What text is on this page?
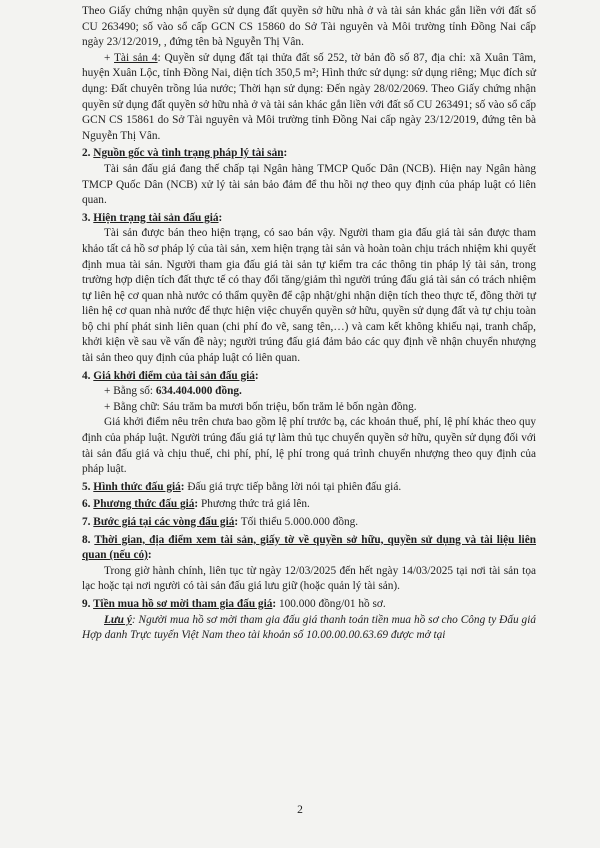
Theo Giấy chứng nhận quyền sử dụng đất quyền sở hữu nhà ở và tài sản khác gắn liền với đất số CU 263490; số vào sổ cấp GCN CS 15860 do Sở Tài nguyên và Môi trường tỉnh Đồng Nai cấp ngày 23/12/2019, , đứng tên bà Nguyễn Thị Vân.

+ Tài sản 4: Quyền sử dụng đất tại thửa đất số 252, tờ bản đồ số 87, địa chỉ: xã Xuân Tâm, huyện Xuân Lộc, tỉnh Đồng Nai, diện tích 350,5 m²; Hình thức sử dụng: sử dụng riêng; Mục đích sử dụng: Đất chuyên trồng lúa nước; Thời hạn sử dụng: Đến ngày 28/02/2069. Theo Giấy chứng nhận quyền sử dụng đất quyền sở hữu nhà ở và tài sản khác gắn liền với đất số CU 263491; số vào sổ cấp GCN CS 15861 do Sở Tài nguyên và Môi trường tỉnh Đồng Nai cấp ngày 23/12/2019, đứng tên bà Nguyễn Thị Vân.

2. Nguồn gốc và tình trạng pháp lý tài sản:

Tài sản đấu giá đang thế chấp tại Ngân hàng TMCP Quốc Dân (NCB). Hiện nay Ngân hàng TMCP Quốc Dân (NCB) xử lý tài sản bảo đảm để thu hồi nợ theo quy định của pháp luật có liên quan.

3. Hiện trạng tài sản đấu giá:

Tài sản được bán theo hiện trạng, có sao bán vậy. Người tham gia đấu giá tài sản được tham khảo tất cả hồ sơ pháp lý của tài sản, xem hiện trạng tài sản và hoàn toàn chịu trách nhiệm khi quyết định mua tài sản. Người tham gia đấu giá tài sản tự kiểm tra các thông tin pháp lý tài sản, trong trường hợp diện tích đất thực tế có thay đổi tăng/giảm thì người trúng đấu giá tài sản có trách nhiệm tự liên hệ cơ quan nhà nước có thẩm quyền để cập nhật/ghi nhận diện tích theo thực tế, đồng thời tự liên hệ cơ quan nhà nước để thực hiện việc chuyển quyền sở hữu, quyền sử dụng đất và tự chịu toàn bộ chi phí phát sinh liên quan (chi phí đo vẽ, sang tên,…) và cam kết không khiếu nại, tranh chấp, khởi kiện về sau về vấn đề này; người trúng đấu giá đảm bảo các quy định về nhận chuyển nhượng tài sản theo quy định của pháp luật có liên quan.

4. Giá khởi điểm của tài sản đấu giá:

+ Bằng số: 634.404.000 đồng.

+ Bằng chữ: Sáu trăm ba mươi bốn triệu, bốn trăm lẻ bốn ngàn đồng.

Giá khởi điểm nêu trên chưa bao gồm lệ phí trước bạ, các khoản thuế, phí, lệ phí khác theo quy định của pháp luật. Người trúng đấu giá tự làm thủ tục chuyển quyền sở hữu, quyền sử dụng đối với tài sản đấu giá và chịu thuế, chi phí, phí, lệ phí trong quá trình chuyển nhượng theo quy định của pháp luật.

5. Hình thức đấu giá: Đấu giá trực tiếp bằng lời nói tại phiên đấu giá.

6. Phương thức đấu giá: Phương thức trả giá lên.

7. Bước giá tại các vòng đấu giá: Tối thiểu 5.000.000 đồng.

8. Thời gian, địa điểm xem tài sản, giấy tờ về quyền sở hữu, quyền sử dụng và tài liệu liên quan (nếu có):

Trong giờ hành chính, liên tục từ ngày 12/03/2025 đến hết ngày 14/03/2025 tại nơi tài sản tọa lạc hoặc tại nơi người có tài sản đấu giá lưu giữ (hoặc quản lý tài sản).

9. Tiền mua hồ sơ mời tham gia đấu giá: 100.000 đồng/01 hồ sơ.

Lưu ý: Người mua hồ sơ mời tham gia đấu giá thanh toán tiền mua hồ sơ cho Công ty Đấu giá Hợp danh Trực tuyến Việt Nam theo tài khoản số 10.00.00.00.63.69 được mở tại

2
